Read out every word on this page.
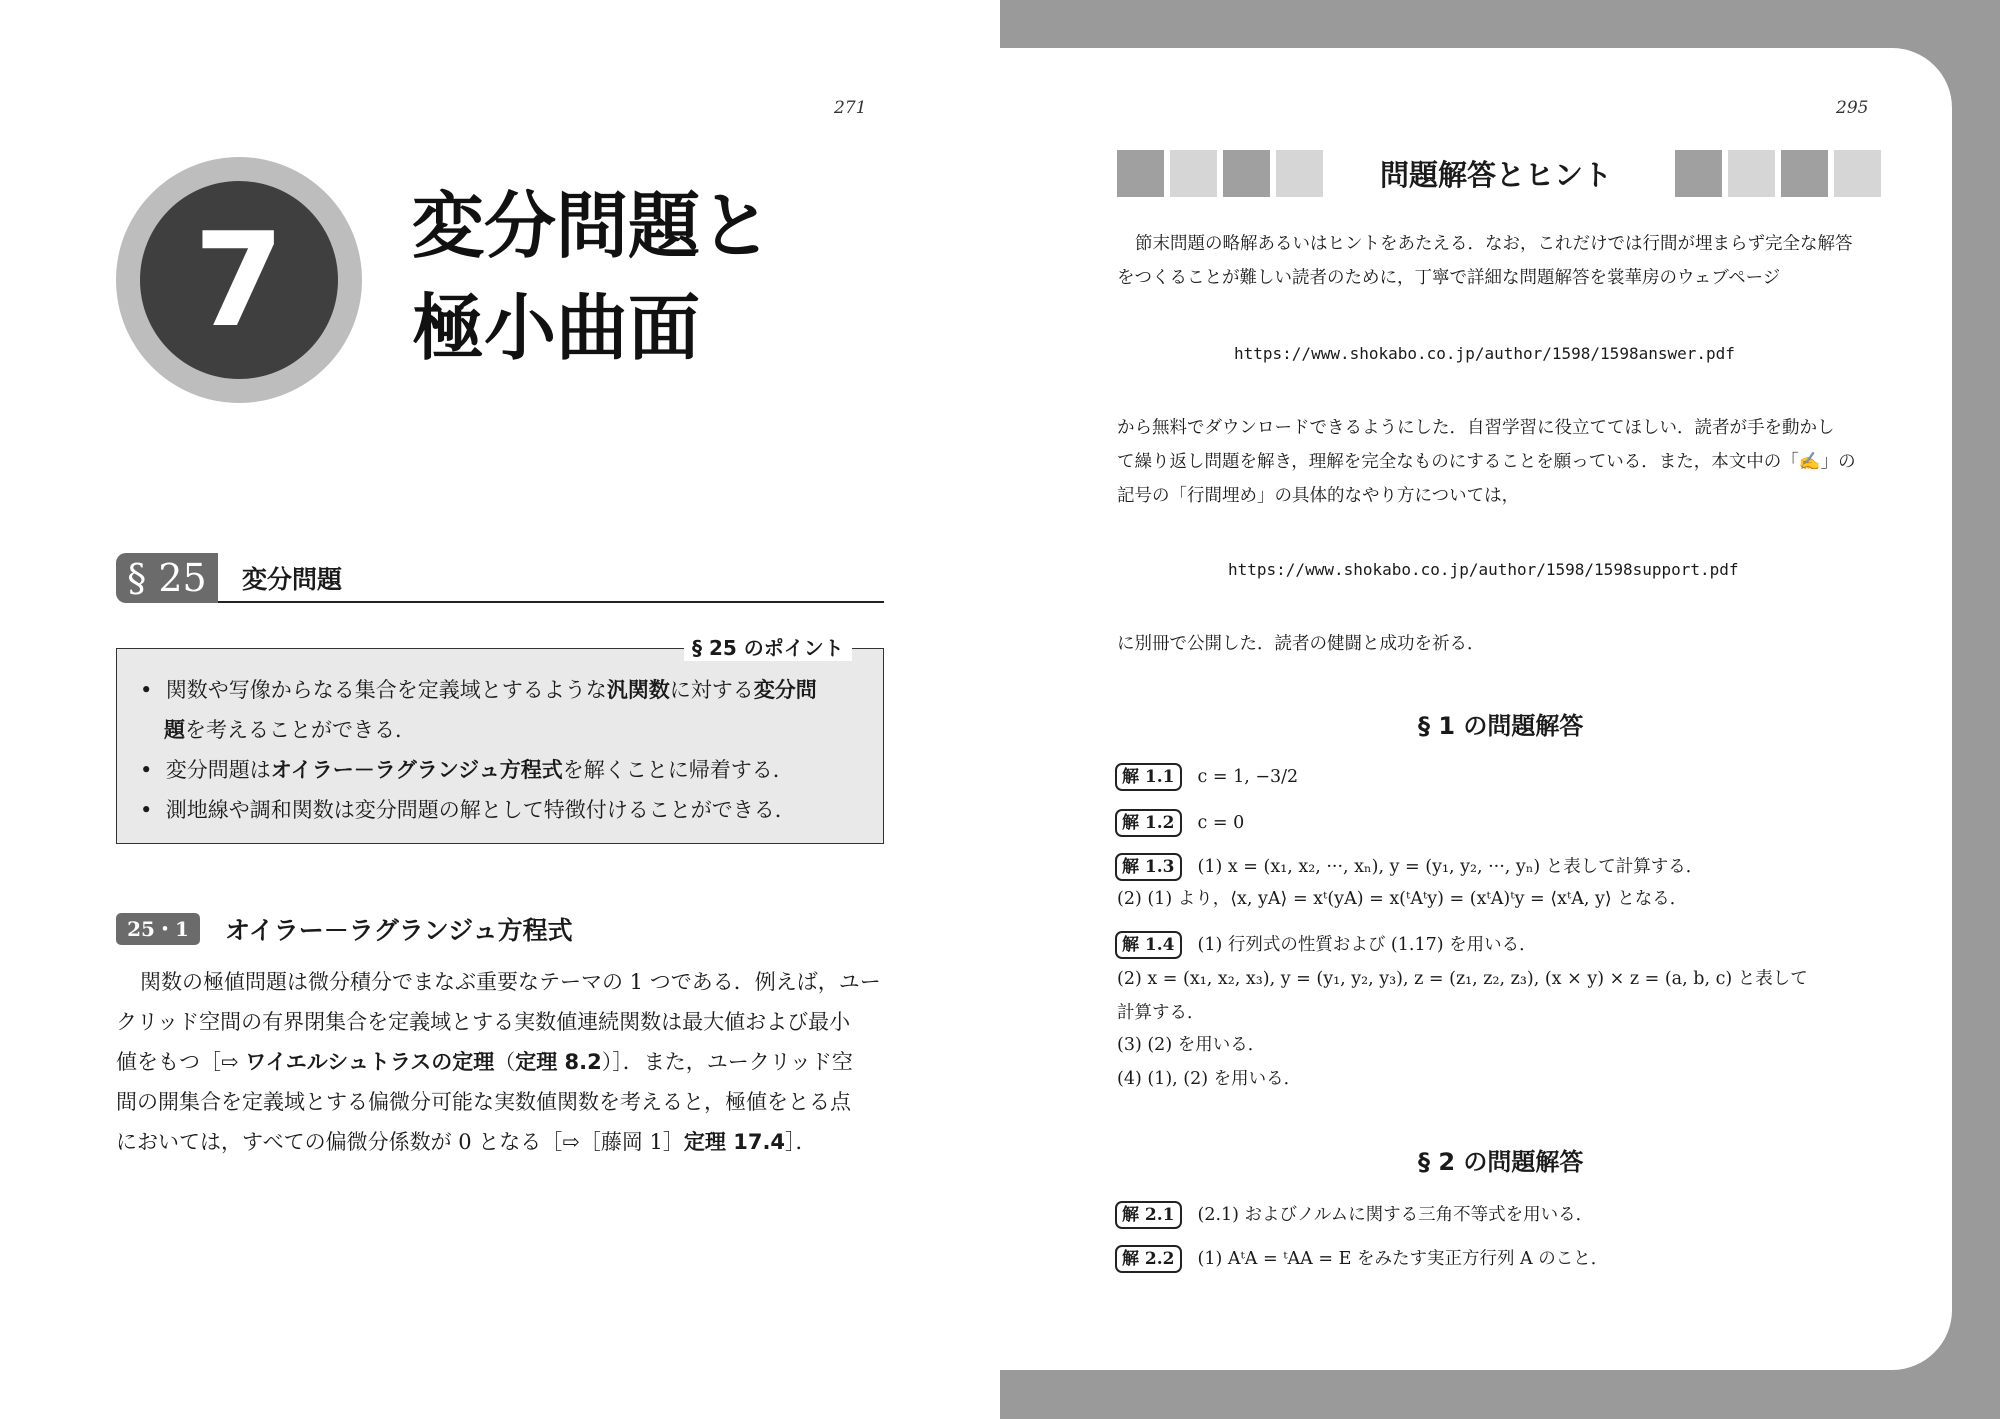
271
7	変分問題と
極小曲面
§ 25	変分問題
§ 25 のポイント
•  関数や写像からなる集合を定義域とするような汎関数に対する変分問
題を考えることができる．
•  変分問題はオイラー－ラグランジュ方程式を解くことに帰着する．
•  測地線や調和関数は変分問題の解として特徴付けることができる．
25・1	オイラー－ラグランジュ方程式
関数の極値問題は微分積分でまなぶ重要なテーマの 1 つである．例えば，ユー
クリッド空間の有界閉集合を定義域とする実数値連続関数は最大値および最小
値をもつ［⇨ ワイエルシュトラスの定理（定理 8.2）］．また，ユークリッド空
間の開集合を定義域とする偏微分可能な実数値関数を考えると，極値をとる点
においては，すべての偏微分係数が 0 となる［⇨［藤岡 1］定理 17.4］．
295
問題解答とヒント
節末問題の略解あるいはヒントをあたえる．なお，これだけでは行間が埋まらず完全な解答
をつくることが難しい読者のために，丁寧で詳細な問題解答を裳華房のウェブページ
https://www.shokabo.co.jp/author/1598/1598answer.pdf
から無料でダウンロードできるようにした．自習学習に役立ててほしい．読者が手を動かし
て繰り返し問題を解き，理解を完全なものにすることを願っている．また，本文中の「✍」の
記号の「行間埋め」の具体的なやり方については，
https://www.shokabo.co.jp/author/1598/1598support.pdf
に別冊で公開した．読者の健闘と成功を祈る．
§ 1 の問題解答
解 1.1 c = 1, −3/2
解 1.2 c = 0
解 1.3 (1) x = (x₁, x₂, ···, xₙ), y = (y₁, y₂, ···, yₙ) と表して計算する．
(2) (1) より，⟨x, yA⟩ = xᵗ(yA) = x(ᵗAᵗy) = (xᵗA)ᵗy = ⟨xᵗA, y⟩ となる．
解 1.4 (1) 行列式の性質および (1.17) を用いる．
(2) x = (x₁, x₂, x₃), y = (y₁, y₂, y₃), z = (z₁, z₂, z₃), (x × y) × z = (a, b, c) と表して
計算する．
(3) (2) を用いる．
(4) (1), (2) を用いる．
§ 2 の問題解答
解 2.1 (2.1) およびノルムに関する三角不等式を用いる．
解 2.2 (1) AᵗA = ᵗAA = E をみたす実正方行列 A のこと．
